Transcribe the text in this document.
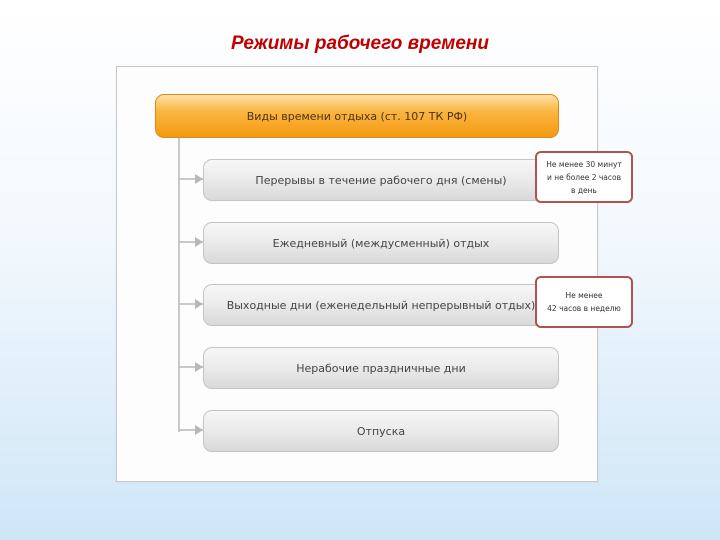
Режимы рабочего времени
Виды времени отдыха (ст. 107 ТК РФ)
Перерывы в течение рабочего дня (смены)
Ежедневный (междусменный) отдых
Выходные дни (еженедельный непрерывный отдых)
Нерабочие праздничные дни
Отпуска
Не менее 30 минут
и не более 2 часов
в день
Не менее
42 часов в неделю
